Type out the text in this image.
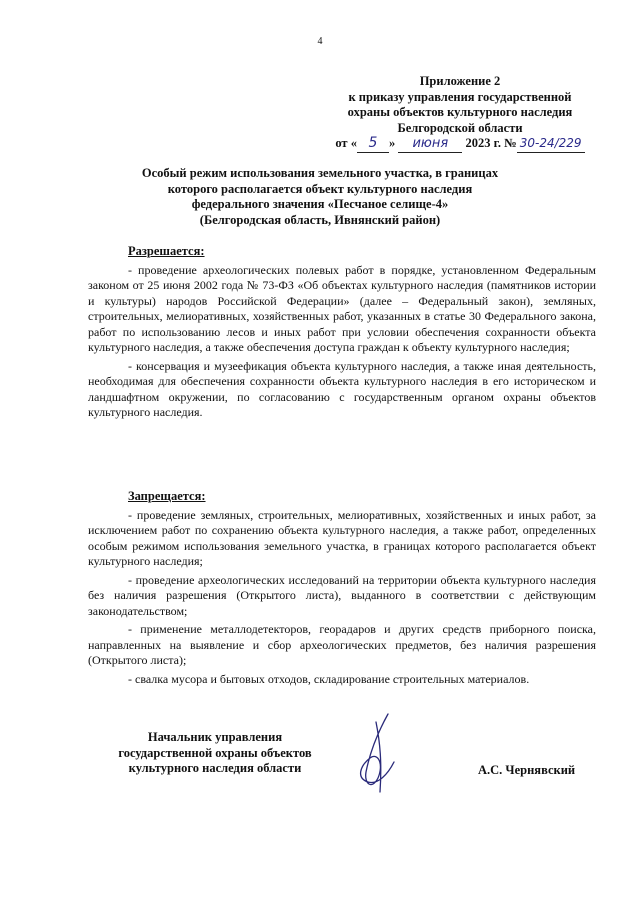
4
Приложение 2
к приказу управления государственной
охраны объектов культурного наследия
Белгородской области
от « 5 » июня 2023 г. № 30-24/229
Особый режим использования земельного участка, в границах
которого располагается объект культурного наследия
федерального значения «Песчаное селище-4»
(Белгородская область, Ивнянский район)
Разрешается:

- проведение археологических полевых работ в порядке, установленном Федеральным законом от 25 июня 2002 года № 73-ФЗ «Об объектах культурного наследия (памятников истории и культуры) народов Российской Федерации» (далее – Федеральный закон), земляных, строительных, мелиоративных, хозяйственных работ, указанных в статье 30 Федерального закона, работ по использованию лесов и иных работ при условии обеспечения сохранности объекта культурного наследия, а также обеспечения доступа граждан к объекту культурного наследия;

- консервация и музеефикация объекта культурного наследия, а также иная деятельность, необходимая для обеспечения сохранности объекта культурного наследия в его историческом и ландшафтном окружении, по согласованию с государственным органом охраны объектов культурного наследия.

Запрещается:

- проведение земляных, строительных, мелиоративных, хозяйственных и иных работ, за исключением работ по сохранению объекта культурного наследия, а также работ, определенных особым режимом использования земельного участка, в границах которого располагается объект культурного наследия;

- проведение археологических исследований на территории объекта культурного наследия без наличия разрешения (Открытого листа), выданного в соответствии с действующим законодательством;

- применение металлодетекторов, георадаров и других средств приборного поиска, направленных на выявление и сбор археологических предметов, без наличия разрешения (Открытого листа);

- свалка мусора и бытовых отходов, складирование строительных материалов.

Начальник управления
государственной охраны объектов
культурного наследия области	А.С. Чернявский
